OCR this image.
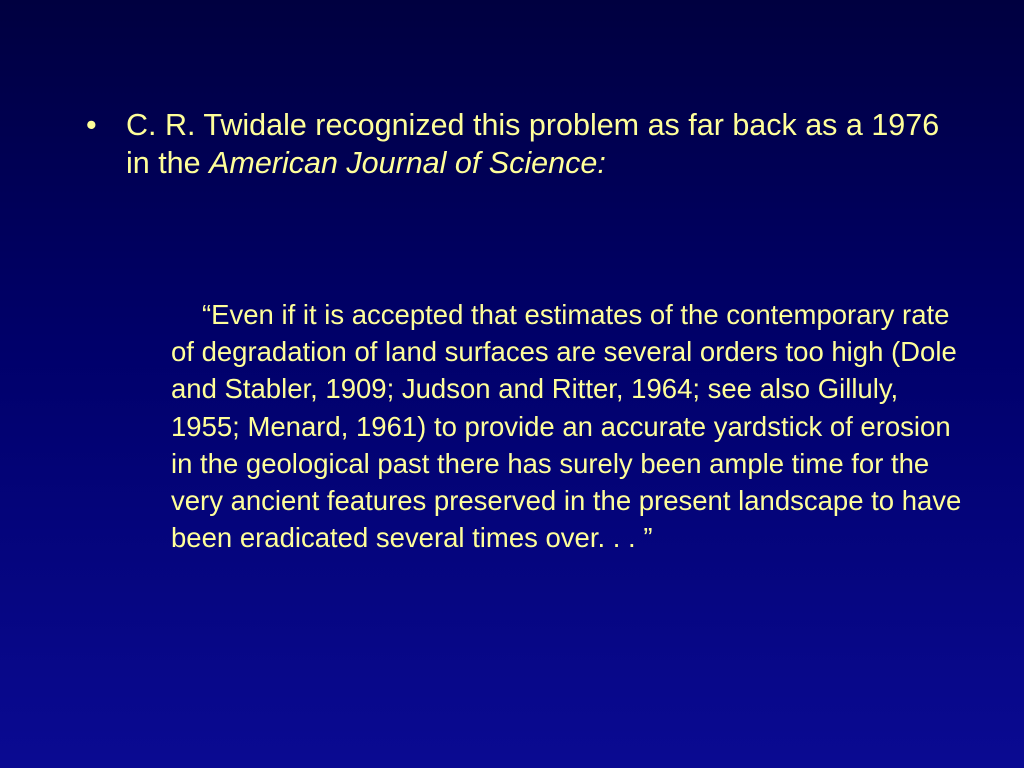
• C. R. Twidale recognized this problem as far back as a 1976 in the American Journal of Science:
“Even if it is accepted that estimates of the contemporary rate of degradation of land surfaces are several orders too high (Dole and Stabler, 1909; Judson and Ritter, 1964; see also Gilluly, 1955; Menard, 1961) to provide an accurate yardstick of erosion in the geological past there has surely been ample time for the very ancient features preserved in the present landscape to have been eradicated several times over. . . ”
